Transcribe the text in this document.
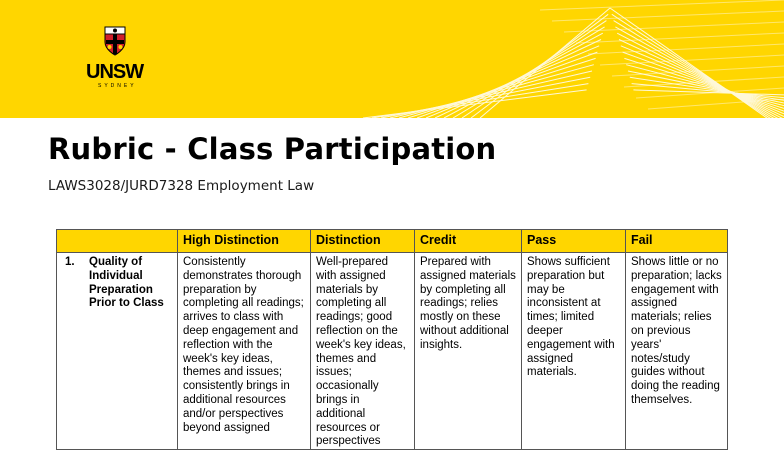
UNSW
SYDNEY
Rubric - Class Participation
LAWS3028/JURD7328 Employment Law
	High Distinction	Distinction	Credit	Pass	Fail

1. Quality of Individual Preparation Prior to Class	Consistently demonstrates thorough preparation by completing all readings; arrives to class with deep engagement and reflection with the week's key ideas, themes and issues; consistently brings in additional resources and/or perspectives beyond assigned	Well-prepared with assigned materials by completing all readings; good reflection on the week's key ideas, themes and issues; occasionally brings in additional resources or perspectives	Prepared with assigned materials by completing all readings; relies mostly on these without additional insights.	Shows sufficient preparation but may be inconsistent at times; limited deeper engagement with assigned materials.	Shows little or no preparation; lacks engagement with assigned materials; relies on previous years' notes/study guides without doing the reading themselves.
